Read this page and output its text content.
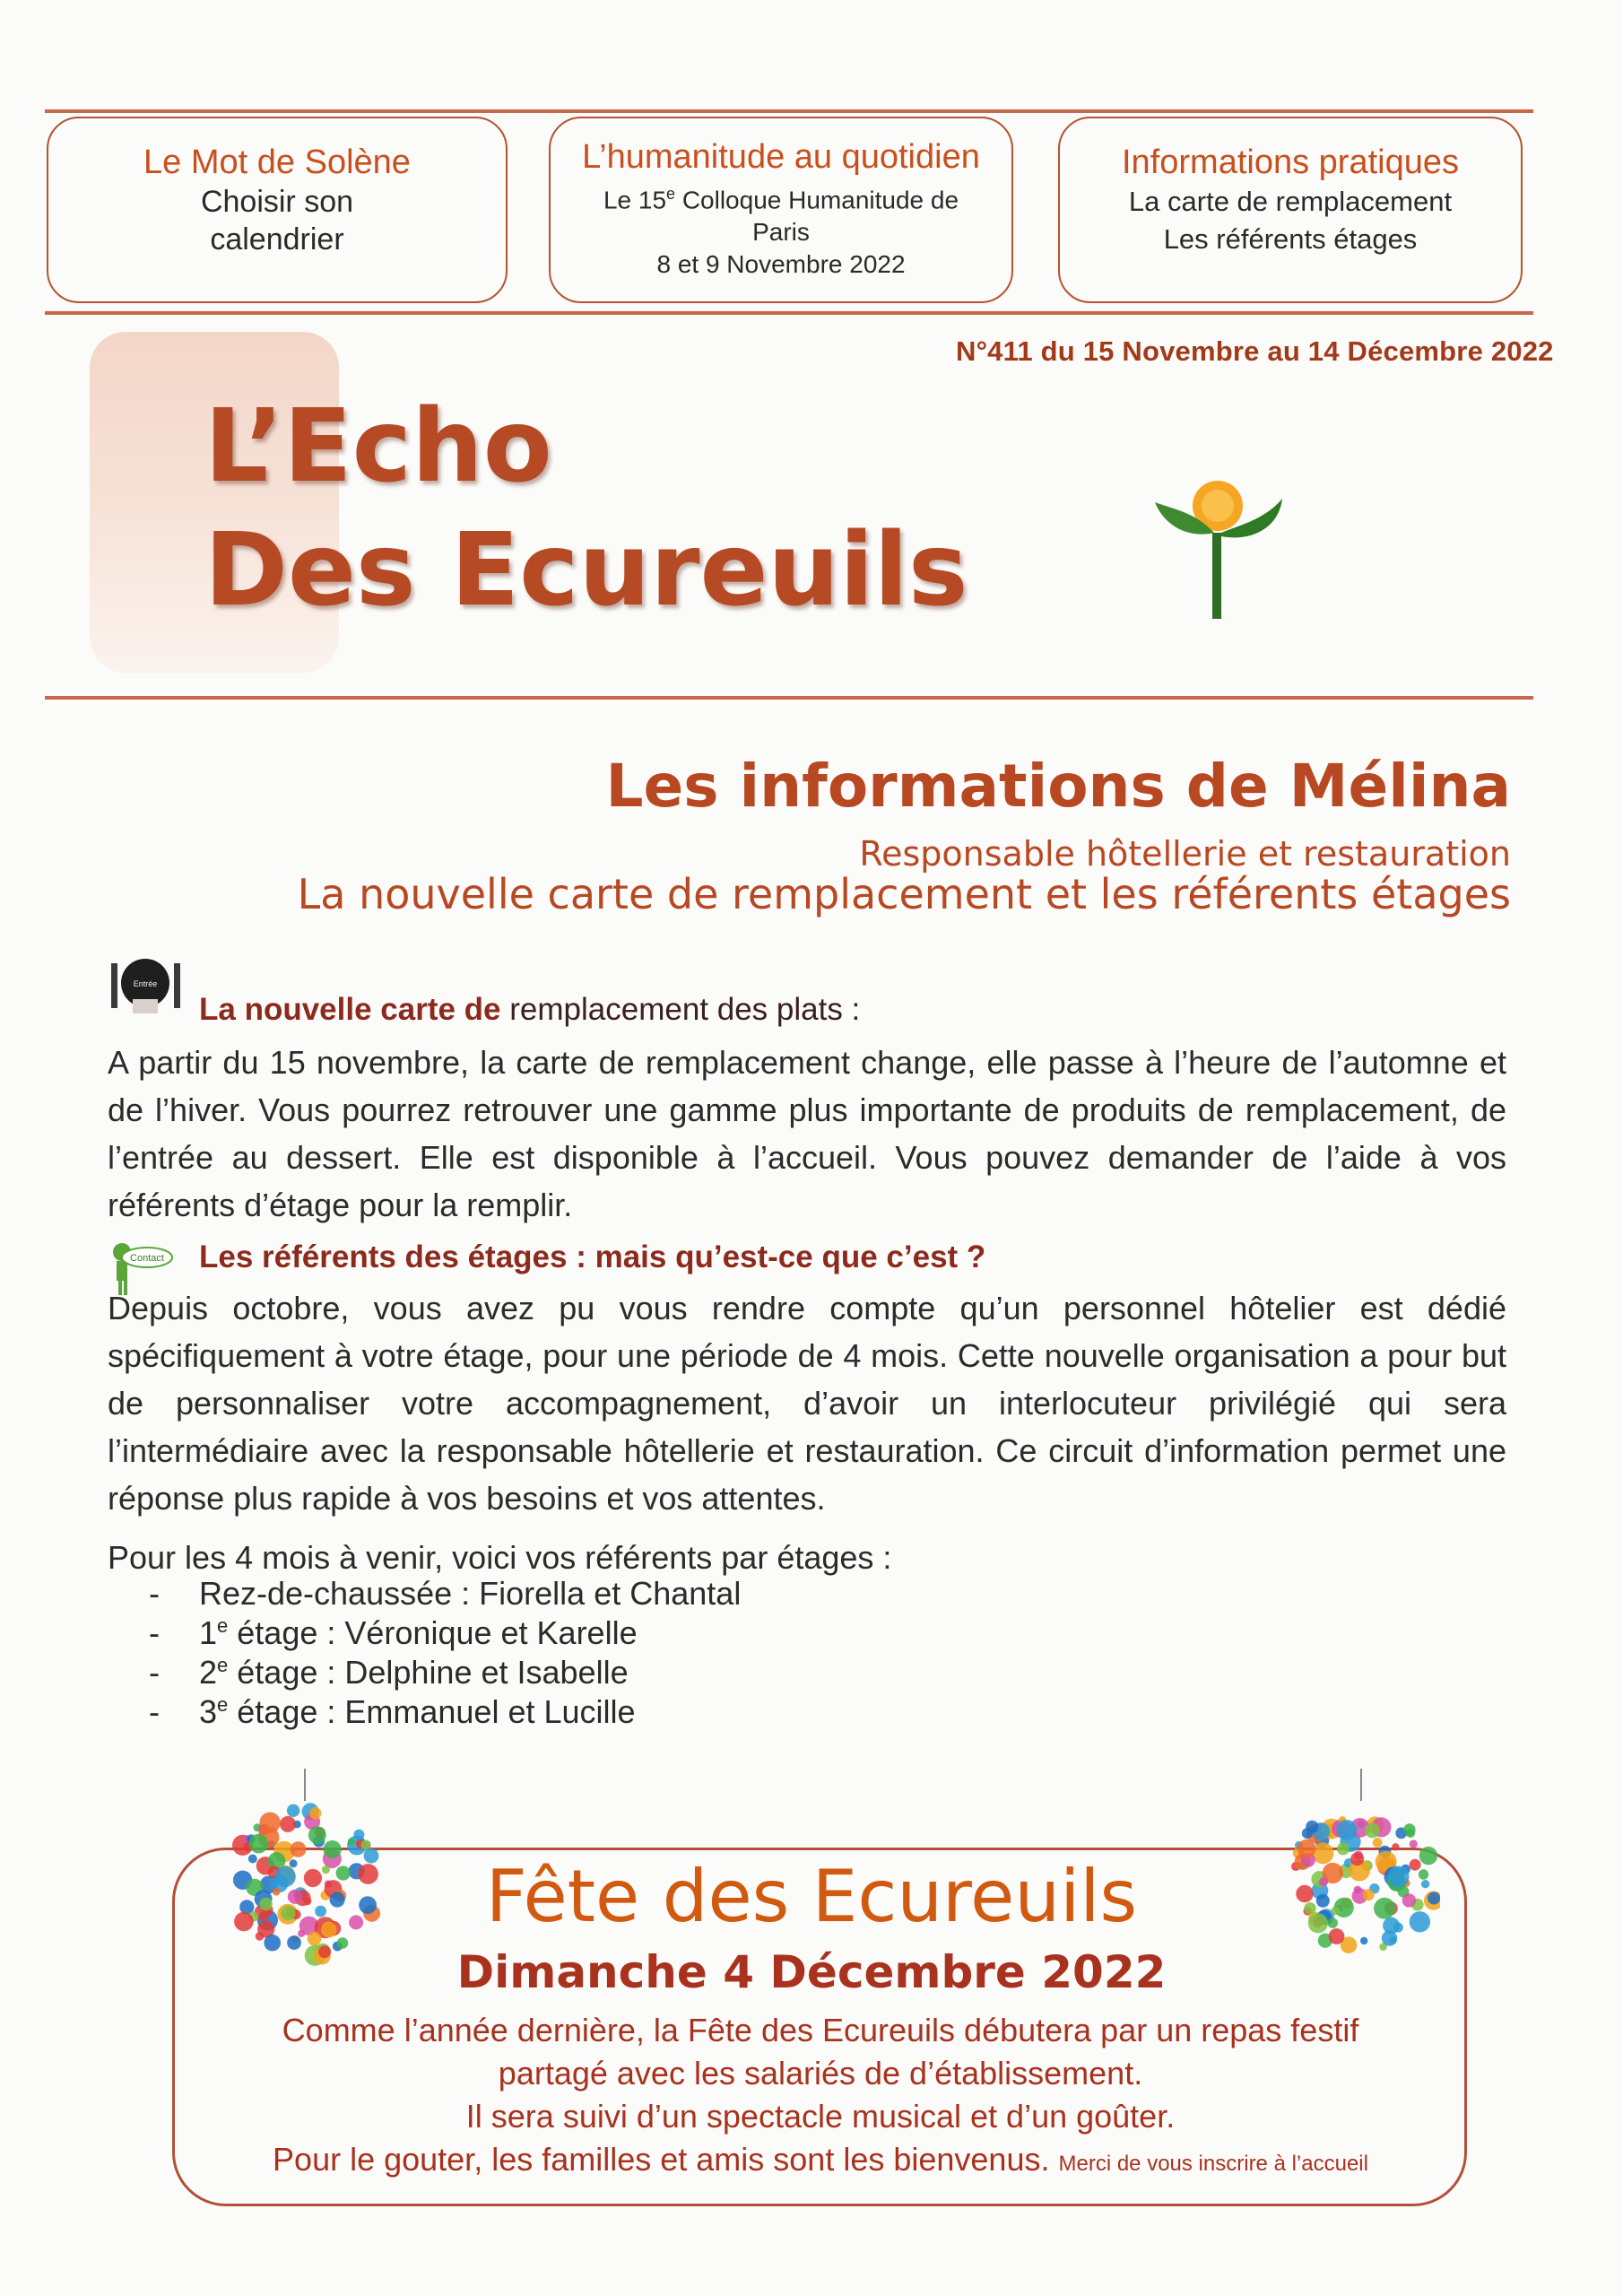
Le Mot de Solène
Choisir son
calendrier
L’humanitude au quotidien
Le 15e Colloque Humanitude de
Paris
8 et 9 Novembre 2022
Informations pratiques
La carte de remplacement
Les référents étages
N°411 du 15 Novembre au 14 Décembre 2022
L’Echo
Des Ecureuils
Les informations de Mélina
Responsable hôtellerie et restauration
La nouvelle carte de remplacement et les référents étages
Entrée
La nouvelle carte de remplacement des plats :
A partir du 15 novembre, la carte de remplacement change, elle passe à l’heure de l’automne et de l’hiver. Vous pourrez retrouver une gamme plus importante de produits de remplacement, de l’entrée au dessert. Elle est disponible à l’accueil. Vous pouvez demander de l’aide à vos référents d’étage pour la remplir.
Contact Les référents des étages : mais qu’est-ce que c’est ?
Depuis octobre, vous avez pu vous rendre compte qu’un personnel hôtelier est dédié spécifiquement à votre étage, pour une période de 4 mois. Cette nouvelle organisation a pour but de personnaliser votre accompagnement, d’avoir un interlocuteur privilégié qui sera l’intermédiaire avec la responsable hôtellerie et restauration. Ce circuit d’information permet une réponse plus rapide à vos besoins et vos attentes.
Pour les 4 mois à venir, voici vos référents par étages :
- Rez-de-chaussée : Fiorella et Chantal
- 1e étage : Véronique et Karelle
- 2e étage : Delphine et Isabelle
- 3e étage : Emmanuel et Lucille
Fête des Ecureuils
Dimanche 4 Décembre 2022
Comme l’année dernière, la Fête des Ecureuils débutera par un repas festif
partagé avec les salariés de d’établissement.
Il sera suivi d’un spectacle musical et d’un goûter.
Pour le gouter, les familles et amis sont les bienvenus. Merci de vous inscrire à l’accueil
